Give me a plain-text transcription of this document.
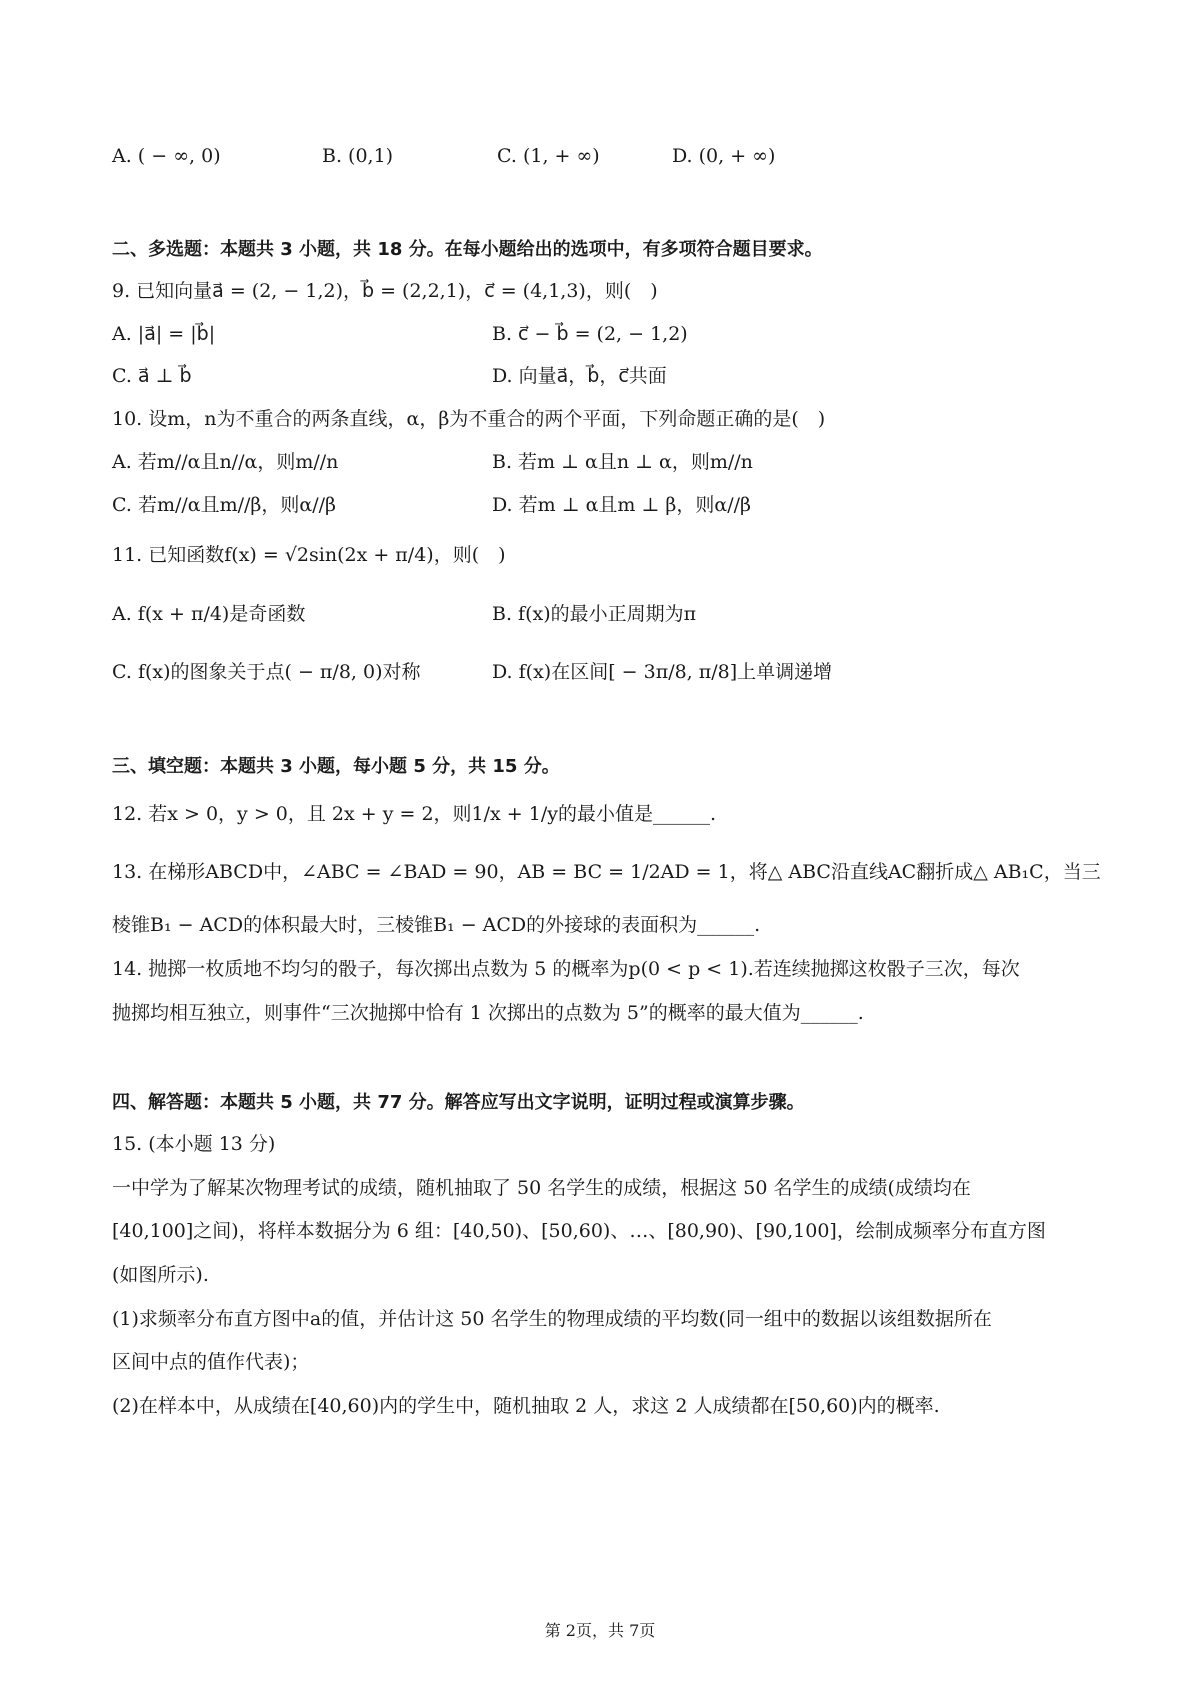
A. ( − ∞, 0)	B. (0,1)	C. (1, + ∞)	D. (0, + ∞)
二、多选题：本题共 3 小题，共 18 分。在每小题给出的选项中，有多项符合题目要求。
9. 已知向量a⃗ = (2, − 1,2)，b⃗ = (2,2,1)，c⃗ = (4,1,3)，则(　)
A. |a⃗| = |b⃗|	B. c⃗ − b⃗ = (2, − 1,2)
C. a⃗ ⊥ b⃗	D. 向量a⃗，b⃗，c⃗共面
10. 设m，n为不重合的两条直线，α，β为不重合的两个平面，下列命题正确的是(　)
A. 若m//α且n//α，则m//n	B. 若m ⊥ α且n ⊥ α，则m//n
C. 若m//α且m//β，则α//β	D. 若m ⊥ α且m ⊥ β，则α//β
11. 已知函数f(x) = √2sin(2x + π/4)，则(　)
A. f(x + π/4)是奇函数	B. f(x)的最小正周期为π
C. f(x)的图象关于点( − π/8, 0)对称	D. f(x)在区间[ − 3π/8, π/8]上单调递增
三、填空题：本题共 3 小题，每小题 5 分，共 15 分。
12. 若x > 0，y > 0，且 2x + y = 2，则1/x + 1/y的最小值是______.
13. 在梯形ABCD中，∠ABC = ∠BAD = 90，AB = BC = 1/2AD = 1，将△ ABC沿直线AC翻折成△ AB₁C，当三
棱锥B₁ − ACD的体积最大时，三棱锥B₁ − ACD的外接球的表面积为______.
14. 抛掷一枚质地不均匀的骰子，每次掷出点数为 5 的概率为p(0 < p < 1).若连续抛掷这枚骰子三次，每次
抛掷均相互独立，则事件“三次抛掷中恰有 1 次掷出的点数为 5”的概率的最大值为______.
四、解答题：本题共 5 小题，共 77 分。解答应写出文字说明，证明过程或演算步骤。
15. (本小题 13 分)
一中学为了解某次物理考试的成绩，随机抽取了 50 名学生的成绩，根据这 50 名学生的成绩(成绩均在
[40,100]之间)，将样本数据分为 6 组：[40,50)、[50,60)、…、[80,90)、[90,100]，绘制成频率分布直方图
(如图所示).
(1)求频率分布直方图中a的值，并估计这 50 名学生的物理成绩的平均数(同一组中的数据以该组数据所在
区间中点的值作代表)；
(2)在样本中，从成绩在[40,60)内的学生中，随机抽取 2 人，求这 2 人成绩都在[50,60)内的概率.
第 2页，共 7页
